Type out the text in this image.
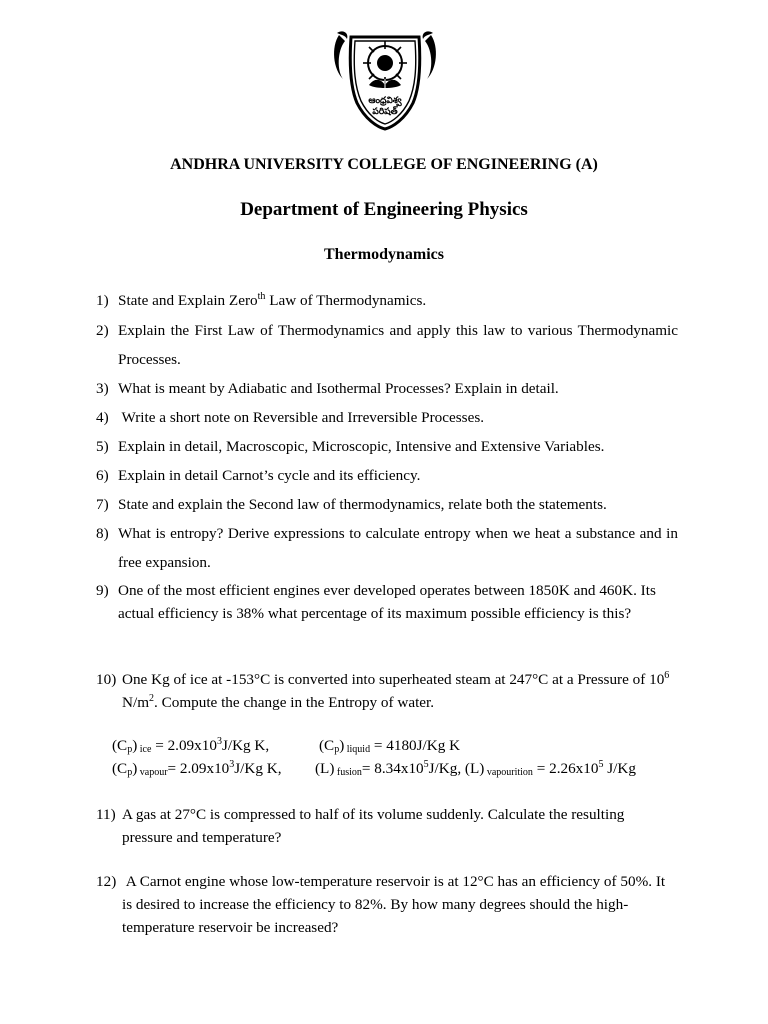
ఆంధ్రవిశ్వ
పరిషత్
ANDHRA UNIVERSITY COLLEGE OF ENGINEERING (A)
Department of Engineering Physics
Thermodynamics
1) State and Explain Zero$^{th}$ Law of Thermodynamics.
2) Explain the First Law of Thermodynamics and apply this law to various Thermodynamic Processes.
3) What is meant by Adiabatic and Isothermal Processes? Explain in detail.
4) Write a short note on Reversible and Irreversible Processes.
5) Explain in detail, Macroscopic, Microscopic, Intensive and Extensive Variables.
6) Explain in detail Carnot’s cycle and its efficiency.
7) State and explain the Second law of thermodynamics, relate both the statements.
8) What is entropy? Derive expressions to calculate entropy when we heat a substance and in free expansion.
9) One of the most efficient engines ever developed operates between 1850K and 460K. Its actual efficiency is 38% what percentage of its maximum possible efficiency is this?
10) One Kg of ice at -153°C is converted into superheated steam at 247°C at a Pressure of $10^6$ $N/m^2$. Compute the change in the Entropy of water.
$(C_p) _{ice} = 2.09x10^3J/Kg$ K,	$(C_p) _{liquid} = 4180J/Kg$ K
$(C_p)$ $_{vapour}= 2.09x10^3J/Kg$ K, (L) $_{fusion}= 8.34x10^5J/Kg$, (L) $_{vapourition} = 2.26x10^5$ J/Kg
11) A gas at 27°C is compressed to half of its volume suddenly. Calculate the resulting pressure and temperature?
12) A Carnot engine whose low-temperature reservoir is at 12°C has an efficiency of 50%. It is desired to increase the efficiency to 82%. By how many degrees should the high-temperature reservoir be increased?
